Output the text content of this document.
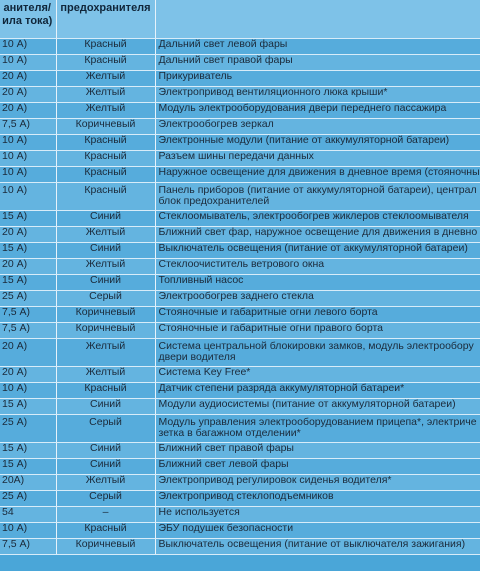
анителя/
ила тока)	предохранителя	
10 А)	Красный	Дальний свет левой фары
10 А)	Красный	Дальний свет правой фары
20 А)	Желтый	Прикуриватель
20 А)	Желтый	Электропривод вентиляционного люка крыши*
20 А)	Желтый	Модуль электрооборудования двери переднего пассажира
7,5 А)	Коричневый	Электрообогрев зеркал
10 А)	Красный	Электронные модули (питание от аккумуляторной батареи)
10 А)	Красный	Разъем шины передачи данных
10 А)	Красный	Наружное освещение для движения в дневное время (стояночны
10 А)	Красный	Панель приборов (питание от аккумуляторной батареи), централ блок предохранителей
15 А)	Синий	Стеклоомыватель, электрообогрев жиклеров стеклоомывателя
20 А)	Желтый	Ближний свет фар, наружное освещение для движения в дневно
15 А)	Синий	Выключатель освещения (питание от аккумуляторной батареи)
20 А)	Желтый	Стеклоочиститель ветрового окна
15 А)	Синий	Топливный насос
25 А)	Серый	Электрообогрев заднего стекла
7,5 А)	Коричневый	Стояночные и габаритные огни левого борта
7,5 А)	Коричневый	Стояночные и габаритные огни правого борта
20 А)	Желтый	Система центральной блокировки замков, модуль электрообору двери водителя
20 А)	Желтый	Система Key Free*
10 А)	Красный	Датчик степени разряда аккумуляторной батареи*
15 А)	Синий	Модули аудиосистемы (питание от аккумуляторной батареи)
25 А)	Серый	Модуль управления электрооборудованием прицепа*, электриче зетка в багажном отделении*
15 А)	Синий	Ближний свет правой фары
15 А)	Синий	Ближний свет левой фары
20А)	Желтый	Электропривод регулировок сиденья водителя*
25 А)	Серый	Электропривод стеклоподъемников
54	–	Не используется
10 А)	Красный	ЭБУ подушек безопасности
7,5 А)	Коричневый	Выключатель освещения (питание от выключателя зажигания)
